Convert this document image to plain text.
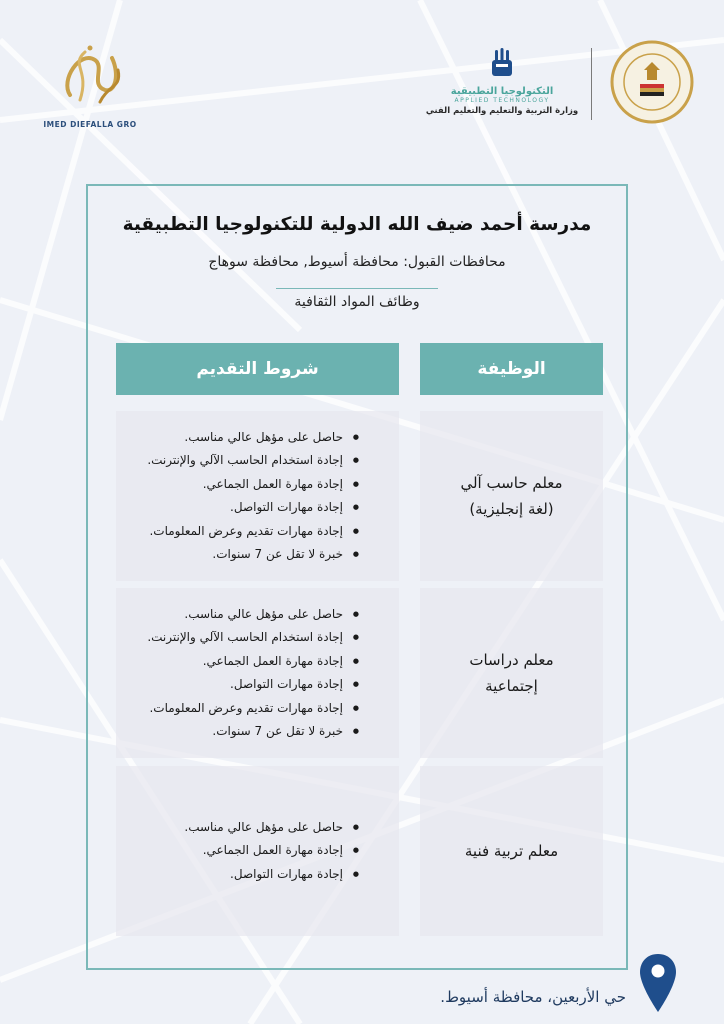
IMED DIEFALLA GRO
التكنولوجيا التطبيقية
APPLIED TECHNOLOGY
وزارة التربية والتعليم والتعليم الفني
مدرسة أحمد ضيف الله الدولية للتكنولوجيا التطبيقية
محافظات القبول: محافظة أسيوط, محافظة سوهاج
وظائف المواد الثقافية
الوظيفة
شروط التقديم
معلم حاسب آلي
(لغة إنجليزية)
● حاصل على مؤهل عالي مناسب.
● إجادة استخدام الحاسب الآلي والإنترنت.
● إجادة مهارة العمل الجماعي.
● إجادة مهارات التواصل.
● إجادة مهارات تقديم وعرض المعلومات.
● خبرة لا تقل عن 7 سنوات.
معلم دراسات
إجتماعية
● حاصل على مؤهل عالي مناسب.
● إجادة استخدام الحاسب الآلي والإنترنت.
● إجادة مهارة العمل الجماعي.
● إجادة مهارات التواصل.
● إجادة مهارات تقديم وعرض المعلومات.
● خبرة لا تقل عن 7 سنوات.
معلم تربية فنية
● حاصل على مؤهل عالي مناسب.
● إجادة مهارة العمل الجماعي.
● إجادة مهارات التواصل.
حي الأربعين، محافظة أسيوط.
